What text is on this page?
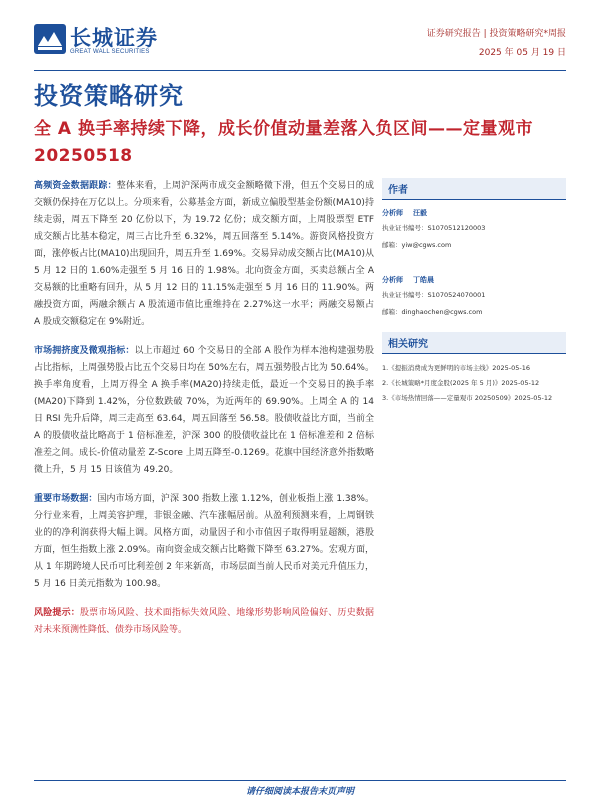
长城证券
GREAT WALL SECURITIES
证券研究报告 | 投资策略研究*周报
2025 年 05 月 19 日
投资策略研究
全 A 换手率持续下降，成长价值动量差落入负区间——定量观市 20250518

高频资金数据跟踪：整体来看，上周沪深两市成交金额略微下滑，但五个交易日的成交额仍保持在万亿以上。分项来看，公募基金方面，新成立偏股型基金份额(MA10)持续走弱，周五下降至 20 亿份以下，为 19.72 亿份；成交额方面，上周股票型 ETF 成交额占比基本稳定，周三占比升至 6.32%，周五回落至 5.14%。游资风格投资方面，涨停板占比(MA10)出现回升，周五升至 1.69%。交易异动成交额占比(MA10)从 5 月 12 日的 1.60%走强至 5 月 16 日的 1.98%。北向资金方面，买卖总额占全 A 交易额的比重略有回升，从 5 月 12 日的 11.15%走强至 5 月 16 日的 11.90%。两融投资方面，两融余额占 A 股流通市值比重维持在 2.27%这一水平；两融交易额占 A 股成交额稳定在 9%附近。

市场拥挤度及微观指标：以上市超过 60 个交易日的全部 A 股作为样本池构建强势股占比指标，上周强势股占比五个交易日均在 50%左右，周五强势股占比为 50.64%。换手率角度看，上周万得全 A 换手率(MA20)持续走低，最近一个交易日的换手率(MA20)下降到 1.42%，分位数跌破 70%，为近两年的 69.90%。上周全 A 的 14 日 RSI 先升后降，周三走高至 63.64，周五回落至 56.58。股债收益比方面，当前全 A 的股债收益比略高于 1 倍标准差，沪深 300 的股债收益比在 1 倍标准差和 2 倍标准差之间。成长-价值动量差 Z-Score 上周五降至-0.1269。花旗中国经济意外指数略微上升，5 月 15 日该值为 49.20。

重要市场数据：国内市场方面，沪深 300 指数上涨 1.12%，创业板指上涨 1.38%。分行业来看，上周美容护理，非银金融、汽车涨幅居前。从盈利预测来看，上周钢铁业的的净利润获得大幅上调。风格方面，动量因子和小市值因子取得明显超额，港股方面，恒生指数上涨 2.09%。南向资金成交额占比略微下降至 63.27%。宏观方面，从 1 年期跨境人民币可比利差创 2 年来新高，市场层面当前人民币对美元升值压力，5 月 16 日美元指数为 100.98。

风险提示：股票市场风险、技术面指标失效风险、地缘形势影响风险偏好、历史数据对未来预测性降低、债券市场风险等。

作者
分析师 汪毅
执业证书编号：S1070512120003
邮箱：yiw@cgws.com
分析师 丁皓晨
执业证书编号：S1070524070001
邮箱：dinghaochen@cgws.com
相关研究
1.《提振消费成为更鲜明的市场主线》2025-05-16
2.《长城策略*月度金股(2025 年 5 月)》2025-05-12
3.《市场热情回落——定量观市 20250509》2025-05-12
请仔细阅读本报告末页声明
